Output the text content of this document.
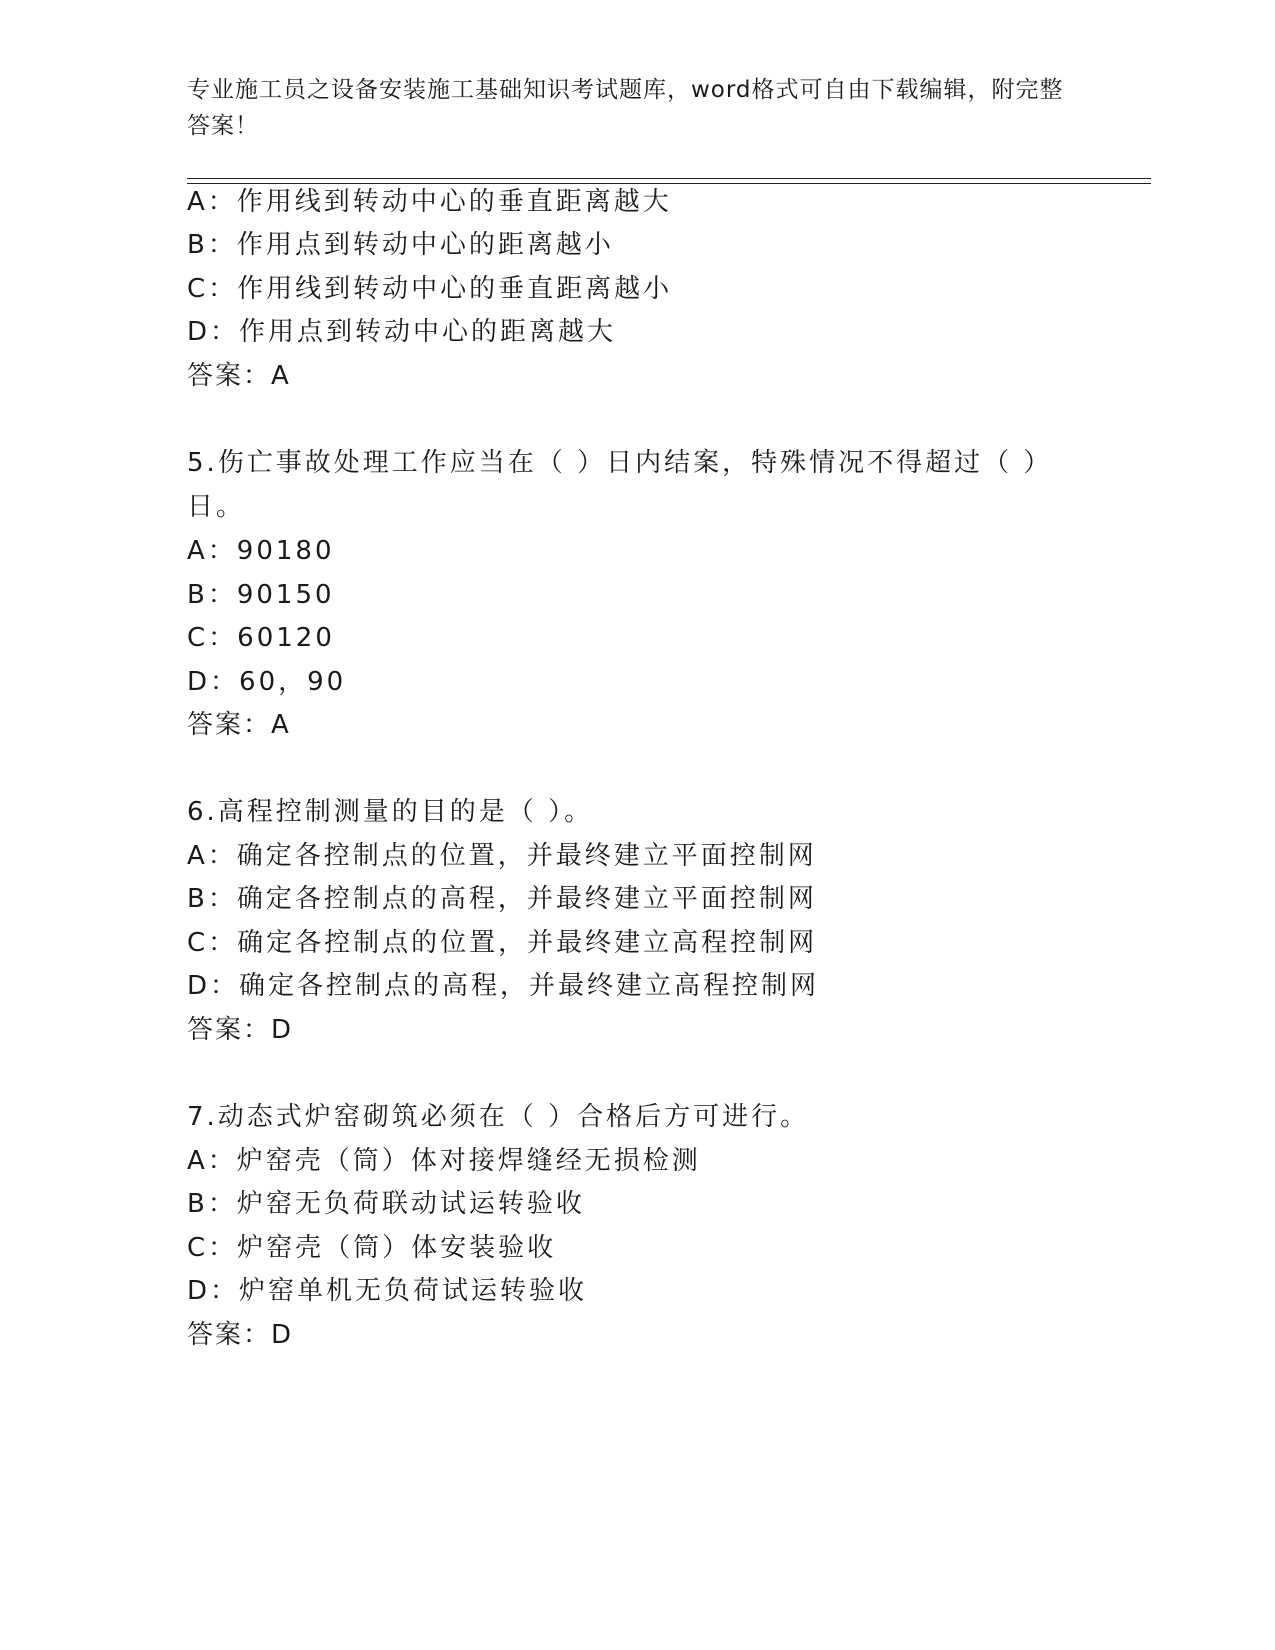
专业施工员之设备安装施工基础知识考试题库，word格式可自由下载编辑，附完整答案！
A：作用线到转动中心的垂直距离越大
B：作用点到转动中心的距离越小
C：作用线到转动中心的垂直距离越小
D：作用点到转动中心的距离越大
答案：A
5.伤亡事故处理工作应当在（ ）日内结案，特殊情况不得超过（ ）
日。
A：90180
B：90150
C：60120
D：60，90
答案：A
6.高程控制测量的目的是（ ）。
A：确定各控制点的位置，并最终建立平面控制网
B：确定各控制点的高程，并最终建立平面控制网
C：确定各控制点的位置，并最终建立高程控制网
D：确定各控制点的高程，并最终建立高程控制网
答案：D
7.动态式炉窑砌筑必须在（ ）合格后方可进行。
A：炉窑壳（筒）体对接焊缝经无损检测
B：炉窑无负荷联动试运转验收
C：炉窑壳（筒）体安装验收
D：炉窑单机无负荷试运转验收
答案：D
